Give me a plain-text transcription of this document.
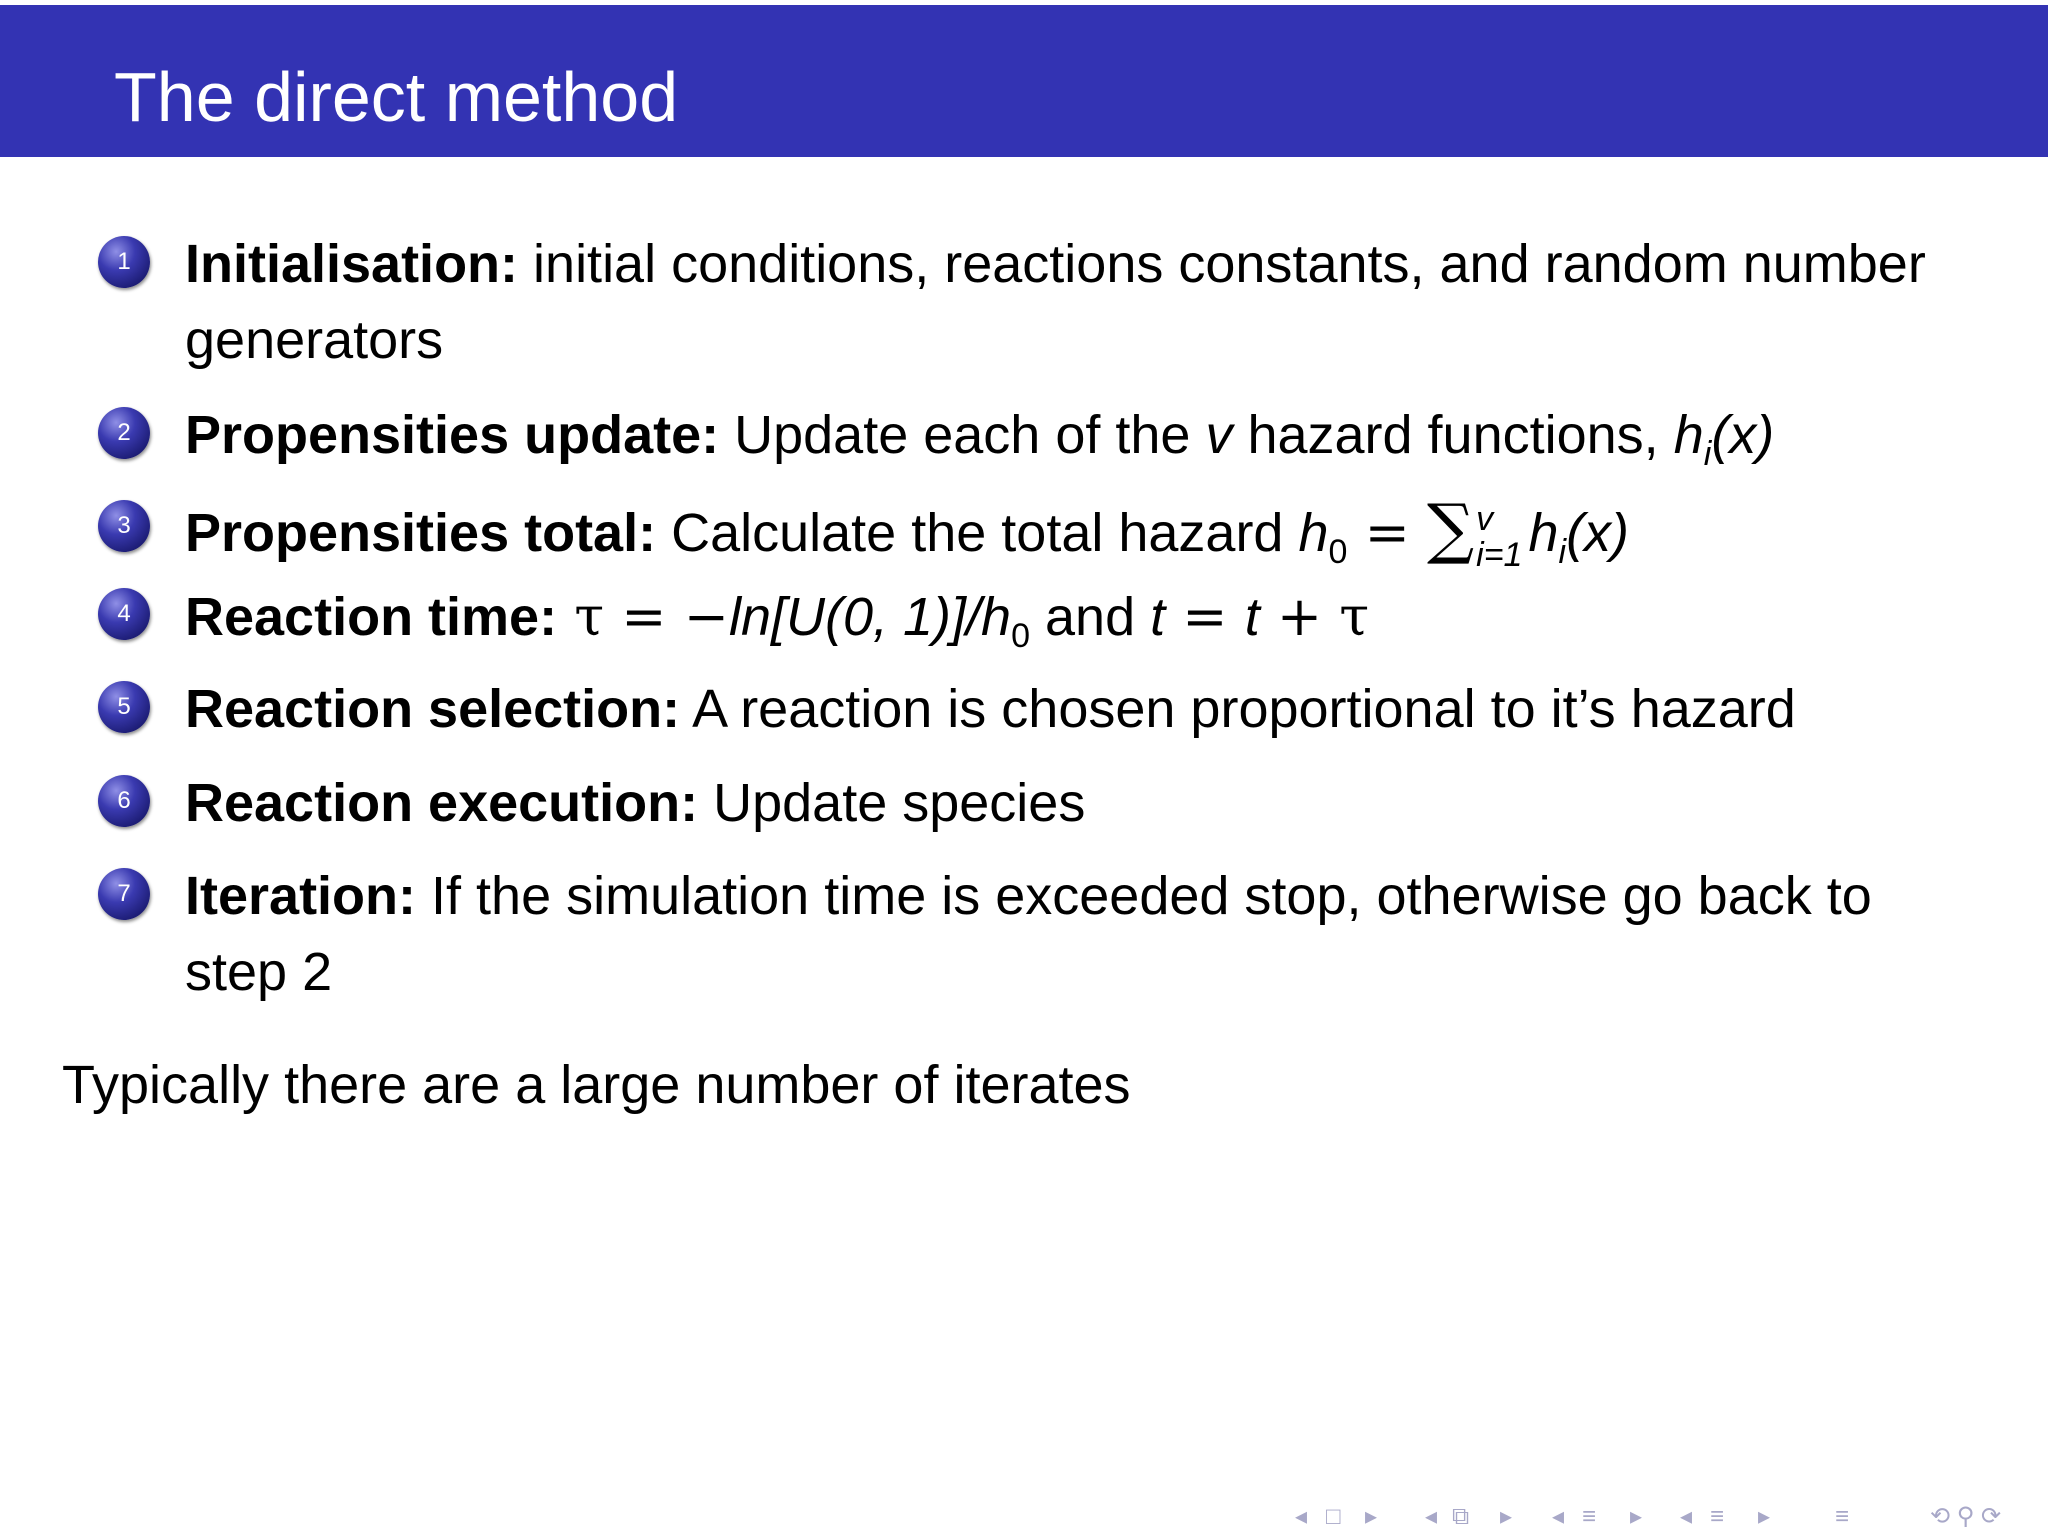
The direct method
1	Initialisation: initial conditions, reactions constants, and random number
generators
2	Propensities update: Update each of the v hazard functions, $h_i(x)$
3	Propensities total: Calculate the total hazard $h_0$ = ∑ v
i=1 $h_i(x)$
4	Reaction time: τ = −ln[U(0, $1)]/h_0$ and t = t + τ
5	Reaction selection: A reaction is chosen proportional to it’s hazard
6	Reaction execution: Update species
7	Iteration: If the simulation time is exceeded stop, otherwise go back to
step 2
Typically there are a large number of iterates
◂ □ ▸ ◂ ⧉ ▸ ◂ ≡ ▸ ◂ ≡ ▸	≡	⟲ ⚲ ⟳
